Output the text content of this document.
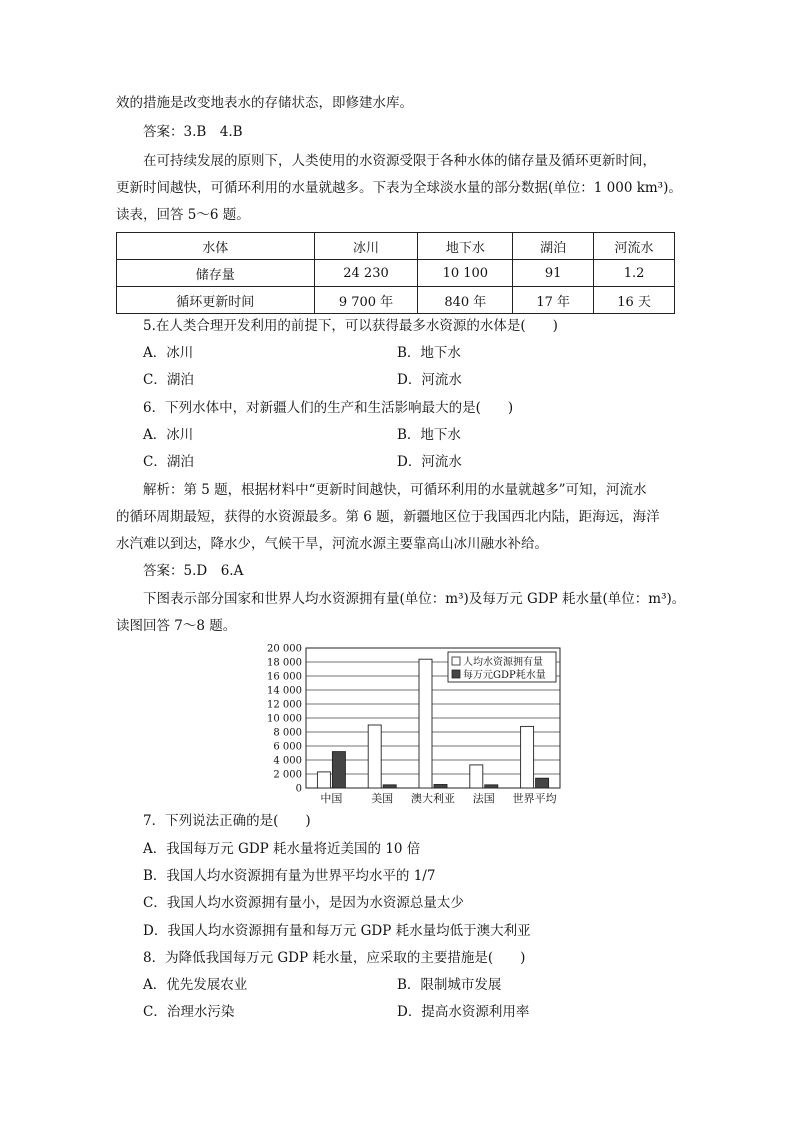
效的措施是改变地表水的存储状态，即修建水库。
答案：3.B　4.B
在可持续发展的原则下，人类使用的水资源受限于各种水体的储存量及循环更新时间，
更新时间越快，可循环利用的水量就越多。下表为全球淡水量的部分数据(单位：1 000 km³)。
读表，回答 5～6 题。
水体	冰川	地下水	湖泊	河流水
储存量	24 230	10 100	91	1.2
循环更新时间	9 700 年	840 年	17 年	16 天
5.在人类合理开发利用的前提下，可以获得最多水资源的水体是(　　)
A．冰川	B．地下水
C．湖泊	D．河流水
6．下列水体中，对新疆人们的生产和生活影响最大的是(　　)
A．冰川	B．地下水
C．湖泊	D．河流水
解析：第 5 题，根据材料中“更新时间越快，可循环利用的水量就越多”可知，河流水
的循环周期最短，获得的水资源最多。第 6 题，新疆地区位于我国西北内陆，距海远，海洋
水汽难以到达，降水少，气候干旱，河流水源主要靠高山冰川融水补给。
答案：5.D　6.A
下图表示部分国家和世界人均水资源拥有量(单位：m³)及每万元 GDP 耗水量(单位：m³)。
读图回答 7～8 题。
20 000
18 000
16 000
14 000
12 000
10 000
8 000
6 000
4 000
2 000
0
中国	美国 澳大利亚 法国 世界平均
人均水资源拥有量
每万元GDP耗水量
7．下列说法正确的是(　　)
A．我国每万元 GDP 耗水量将近美国的 10 倍
B．我国人均水资源拥有量为世界平均水平的 1/7
C．我国人均水资源拥有量小，是因为水资源总量太少
D．我国人均水资源拥有量和每万元 GDP 耗水量均低于澳大利亚
8．为降低我国每万元 GDP 耗水量，应采取的主要措施是(　　)
A．优先发展农业	B．限制城市发展
C．治理水污染	D．提高水资源利用率
